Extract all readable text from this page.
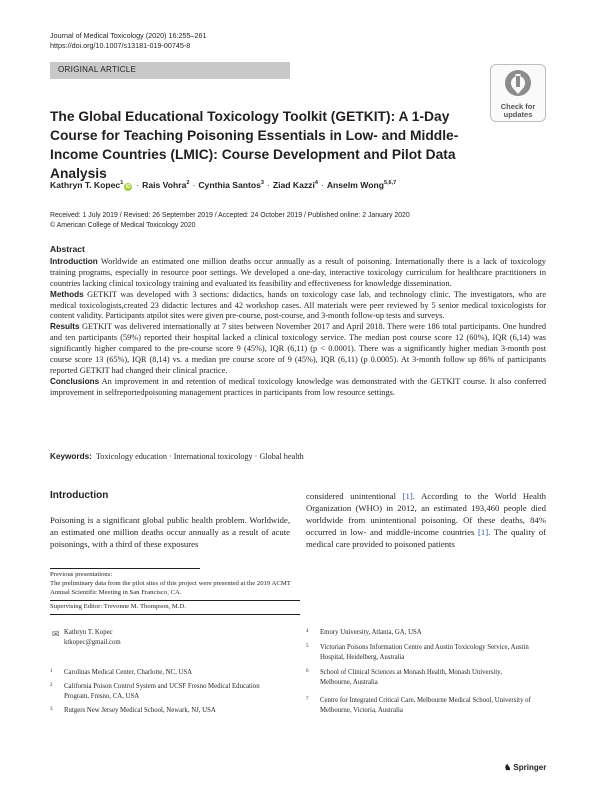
Journal of Medical Toxicology (2020) 16:255–261
https://doi.org/10.1007/s13181-019-00745-8
ORIGINAL ARTICLE
Check for
updates
The Global Educational Toxicology Toolkit (GETKIT): A 1-Day Course for Teaching Poisoning Essentials in Low- and Middle-Income Countries (LMIC): Course Development and Pilot Data Analysis
Kathryn T. Kopec$^1$iD · Rais Vohra$^2$ · Cynthia Santos$^3$ · Ziad Kazzi$^4$ · Anselm Wong$^{5,6,7}$
Received: 1 July 2019 / Revised: 26 September 2019 / Accepted: 24 October 2019 / Published online: 2 January 2020
© American College of Medical Toxicology 2020
Abstract

Introduction Worldwide an estimated one million deaths occur annually as a result of poisoning. Internationally there is a lack of toxicology training programs, especially in resource poor settings. We developed a one-day, interactive toxicology curriculum for healthcare practitioners in countries lacking clinical toxicology training and evaluated its feasibility and effectiveness for knowledge dissemination.

Methods GETKIT was developed with 3 sections: didactics, hands on toxicology case lab, and technology clinic. The investigators, who are medical toxicologists,created 23 didactic lectures and 42 workshop cases. All materials were peer reviewed by 5 senior medical toxicologists for content validity. Participants atpilot sites were given pre-course, post-course, and 3-month follow-up tests and surveys.

Results GETKIT was delivered internationally at 7 sites between November 2017 and April 2018. There were 186 total participants. One hundred and ten participants (59%) reported their hospital lacked a clinical toxicology service. The median post course score 12 (60%), IQR (6,14) was significantly higher compared to the pre-course score 9 (45%), IQR (6,11) (p < 0.0001). There was a significantly higher median 3-month post course score 13 (65%), IQR (8,14) vs. a median pre course score of 9 (45%), IQR (6,11) (p 0.0005). At 3-month follow up 86% of participants reported GETKIT had changed their clinical practice.

Conclusions An improvement in and retention of medical toxicology knowledge was demonstrated with the GETKIT course. It also conferred improvement in selfreportedpoisoning management practices in participants from low resource settings.

Keywords: Toxicology education · International toxicology · Global health
Introduction

Poisoning is a significant global public health problem. Worldwide, an estimated one million deaths occur annually as a result of acute poisonings, with a third of these exposures

considered unintentional [1]. According to the World Health Organization (WHO) in 2012, an estimated 193,460 people died worldwide from unintentional poisoning. Of these deaths, 84% occurred in low- and middle-income countries [1]. The quality of medical care provided to poisoned patients

Previous presentations:
The preliminary data from the pilot sites of this project were presented at the 2019 ACMT Annual Scientific Meeting in San Francisco, CA.
Supervising Editor: Trevonne M. Thompson, M.D.
✉ Kathryn T. Kopec
ktkopec@gmail.com
1 Carolinas Medical Center, Charlotte, NC, USA
2 California Poison Control System and UCSF Fresno Medical Education Program, Fresno, CA, USA
3 Rutgers New Jersey Medical School, Newark, NJ, USA
4 Emory University, Atlanta, GA, USA
5 Victorian Poisons Information Centre and Austin Toxicology Service, Austin Hospital, Heidelberg, Australia
6 School of Clinical Sciences at Monash Health, Monash University, Melbourne, Australia
7 Centre for Integrated Critical Care, Melbourne Medical School, University of Melbourne, Victoria, Australia
♞ Springer
